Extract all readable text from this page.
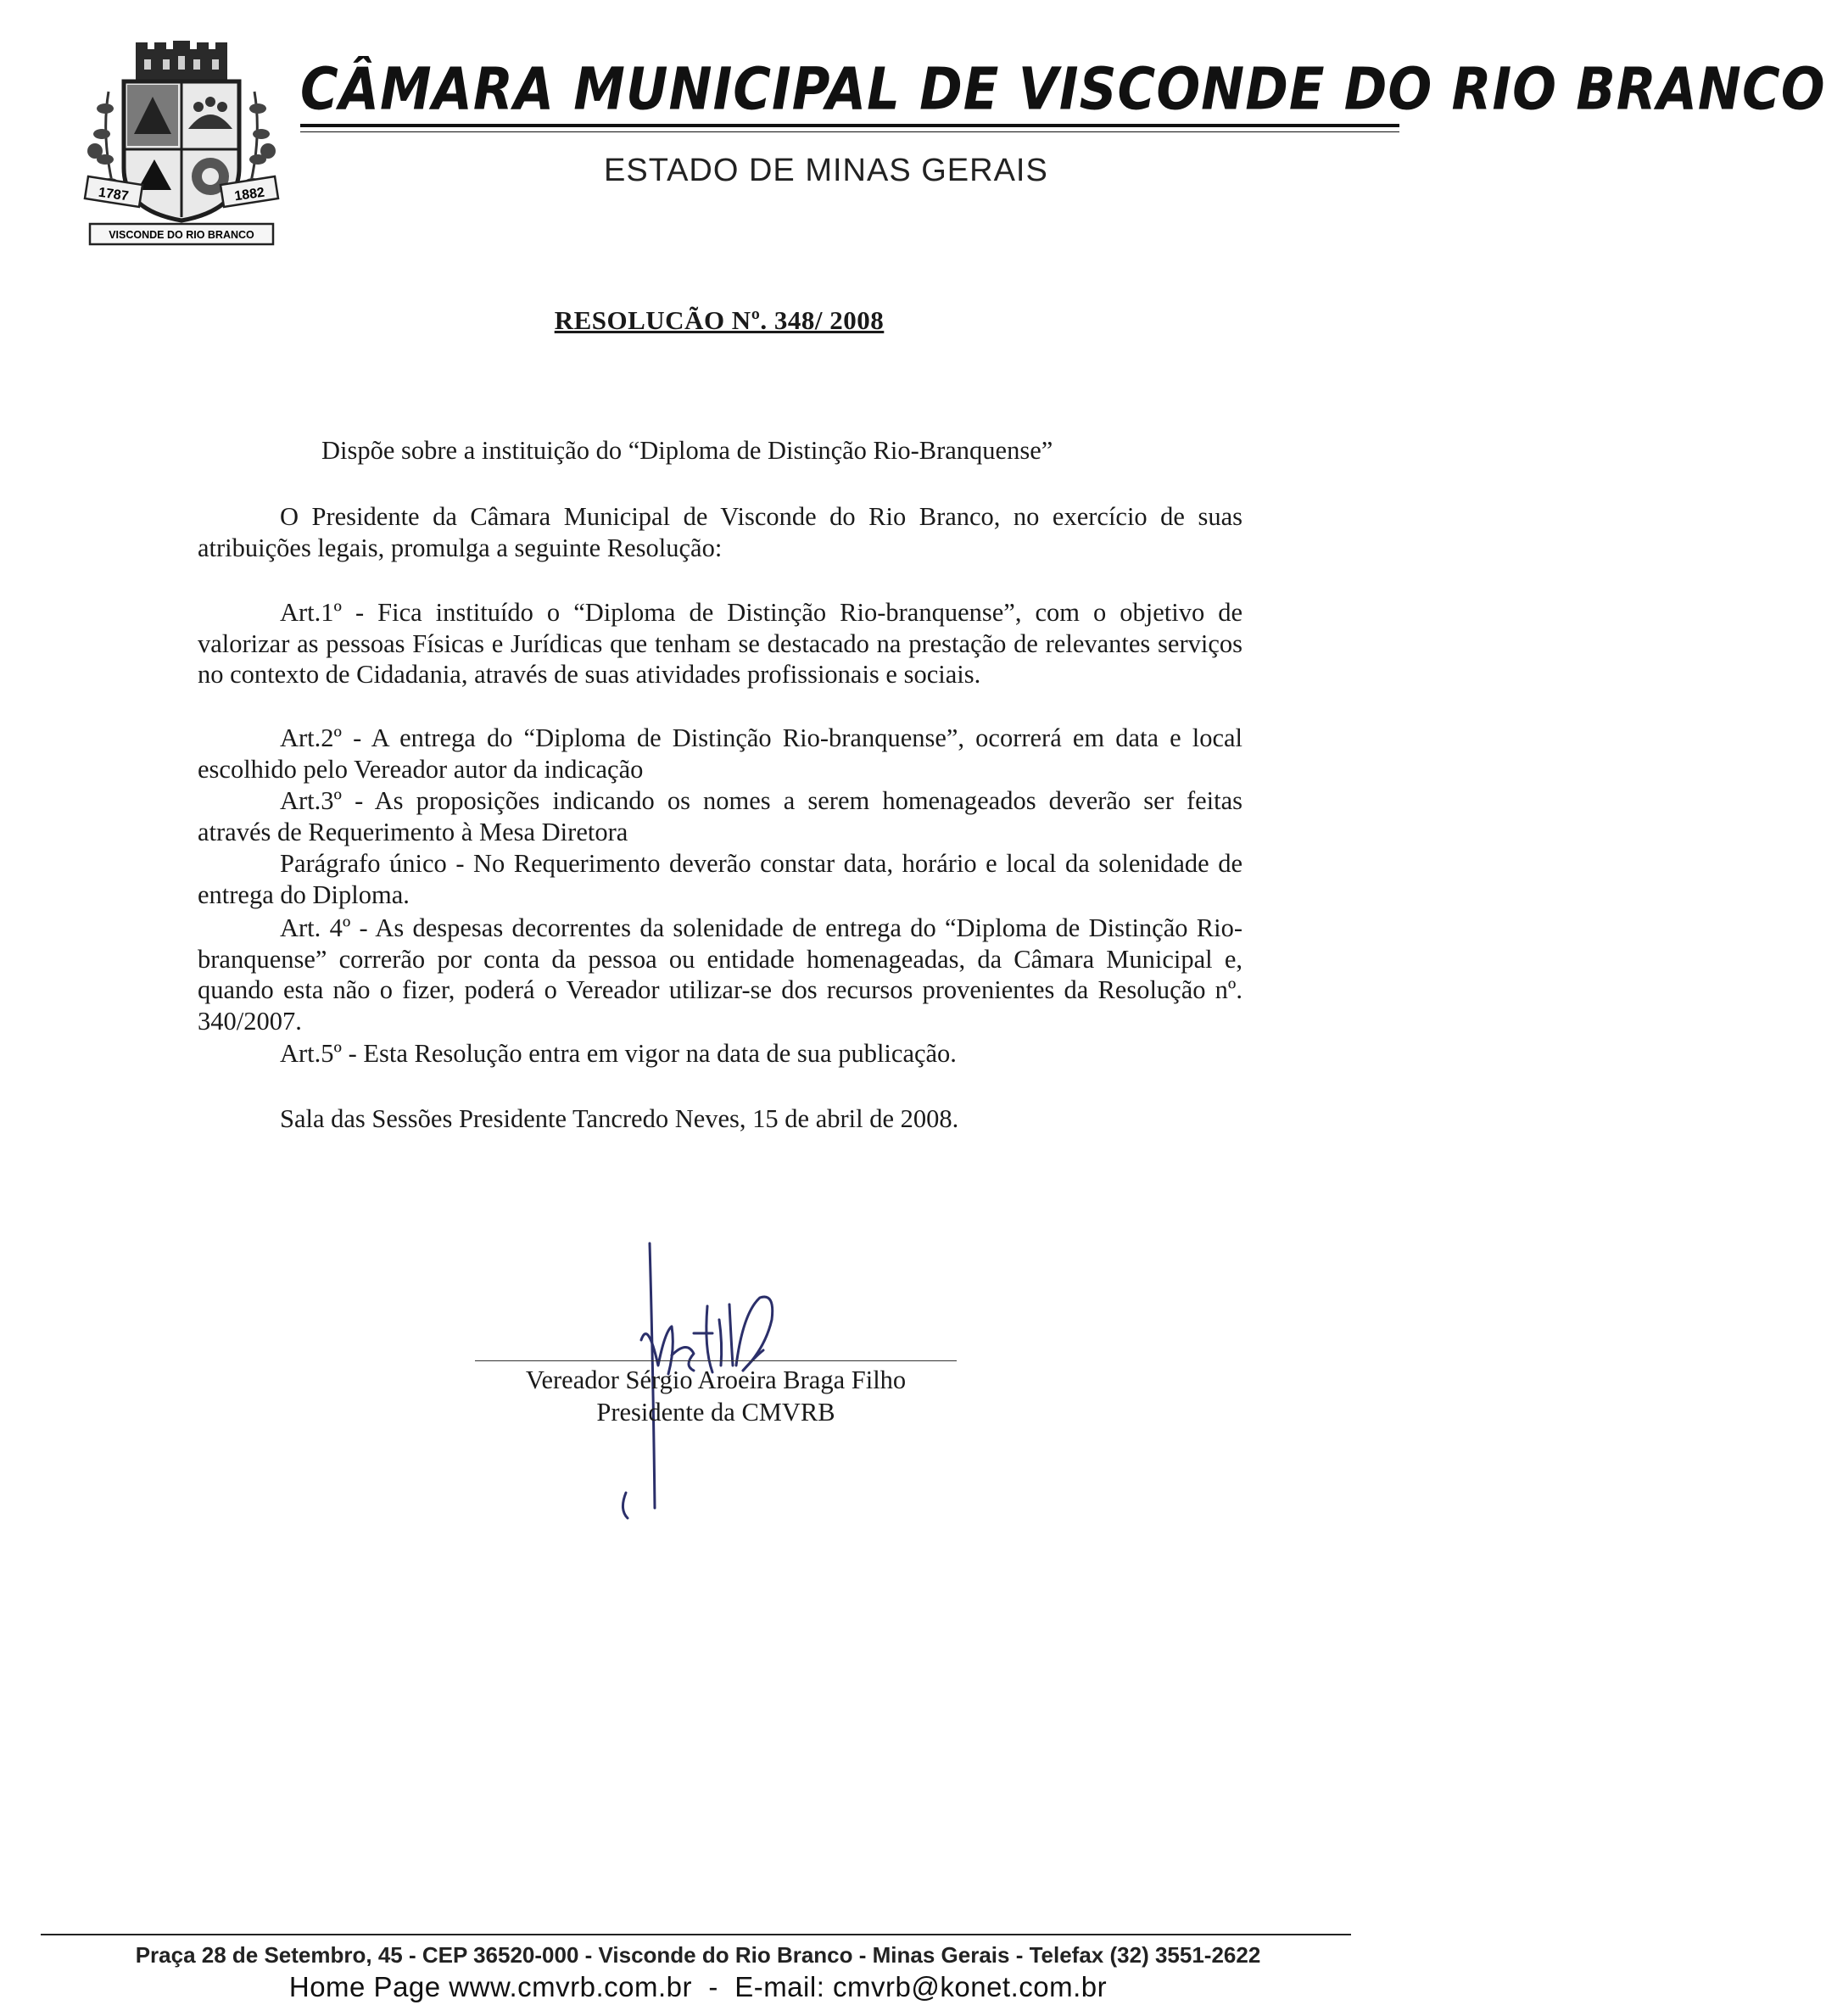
1787	1882
VISCONDE DO RIO BRANCO
CÂMARA MUNICIPAL DE VISCONDE DO RIO BRANCO
ESTADO DE MINAS GERAIS
RESOLUCÃO Nº. 348/ 2008
Dispõe sobre a instituição do “Diploma de Distinção Rio-Branquense”
O Presidente da Câmara Municipal de Visconde do Rio Branco, no exercício de suas atribuições legais, promulga a seguinte Resolução:
Art.1º - Fica instituído o “Diploma de Distinção Rio-branquense”, com o objetivo de valorizar as pessoas Físicas e Jurídicas que tenham se destacado na prestação de relevantes serviços no contexto de Cidadania, através de suas atividades profissionais e sociais.
Art.2º - A entrega do “Diploma de Distinção Rio-branquense”, ocorrerá em data e local escolhido pelo Vereador autor da indicação
Art.3º - As proposições indicando os nomes a serem homenageados deverão ser feitas através de Requerimento à Mesa Diretora
Parágrafo único - No Requerimento deverão constar data, horário e local da solenidade de entrega do Diploma.
Art. 4º - As despesas decorrentes da solenidade de entrega do “Diploma de Distinção Rio-branquense” correrão por conta da pessoa ou entidade homenageadas, da Câmara Municipal e, quando esta não o fizer, poderá o Vereador utilizar-se dos recursos provenientes da Resolução nº. 340/2007.
Art.5º - Esta Resolução entra em vigor na data de sua publicação.
Sala das Sessões Presidente Tancredo Neves, 15 de abril de 2008.
Vereador Sérgio Aroeira Braga Filho
Presidente da CMVRB
Praça 28 de Setembro, 45 - CEP 36520-000 - Visconde do Rio Branco - Minas Gerais - Telefax (32) 3551-2622
Home Page www.cmvrb.com.br - E-mail: cmvrb@konet.com.br
